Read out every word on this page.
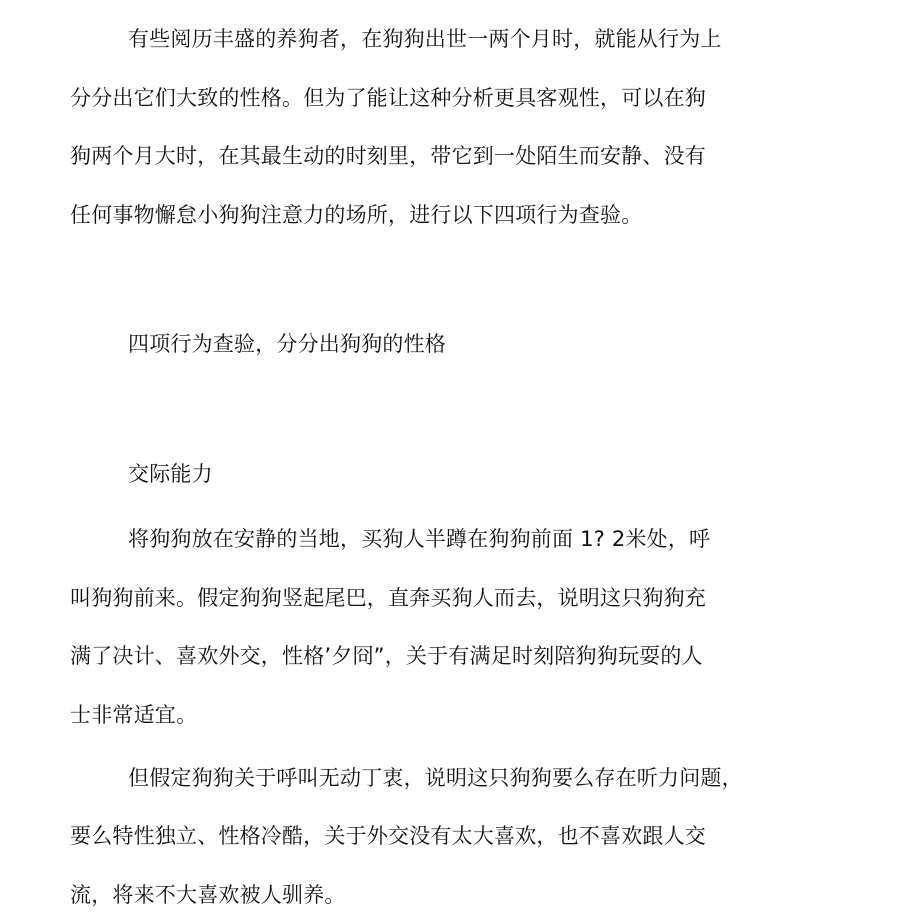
有些阅历丰盛的养狗者，在狗狗出世一两个月时，就能从行为上
分分出它们大致的性格。但为了能让这种分析更具客观性，可以在狗
狗两个月大时，在其最生动的时刻里，带它到一处陌生而安静、没有
任何事物懈怠小狗狗注意力的场所，进行以下四项行为查验。
四项行为查验，分分出狗狗的性格
交际能力
将狗狗放在安静的当地，买狗人半蹲在狗狗前面 1? 2米处，呼
叫狗狗前来。假定狗狗竖起尾巴，直奔买狗人而去，说明这只狗狗充
满了决计、喜欢外交，性格’夕冏”，关于有满足时刻陪狗狗玩耍的人
士非常适宜。
但假定狗狗关于呼叫无动丁衷，说明这只狗狗要么存在听力问题，
要么特性独立、性格冷酷，关于外交没有太大喜欢，也不喜欢跟人交
流，将来不大喜欢被人驯养。
